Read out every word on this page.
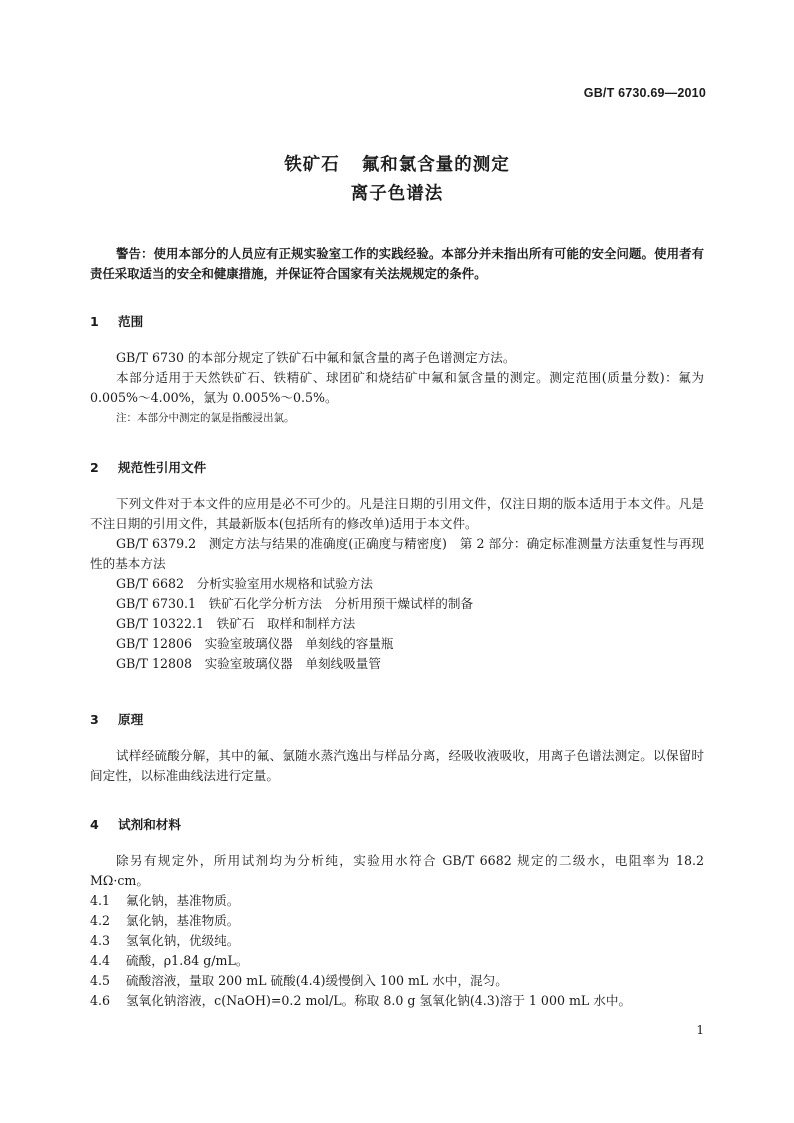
GB/T 6730.69—2010
铁矿石 氟和氯含量的测定
离子色谱法
警告：使用本部分的人员应有正规实验室工作的实践经验。本部分并未指出所有可能的安全问题。使用者有责任采取适当的安全和健康措施，并保证符合国家有关法规规定的条件。
1 范围
GB/T 6730 的本部分规定了铁矿石中氟和氯含量的离子色谱测定方法。
本部分适用于天然铁矿石、铁精矿、球团矿和烧结矿中氟和氯含量的测定。测定范围(质量分数)：氟为 0.005%～4.00%，氯为 0.005%～0.5%。
注：本部分中测定的氯是指酸浸出氯。
2 规范性引用文件
下列文件对于本文件的应用是必不可少的。凡是注日期的引用文件，仅注日期的版本适用于本文件。凡是不注日期的引用文件，其最新版本(包括所有的修改单)适用于本文件。
GB/T 6379.2　测定方法与结果的准确度(正确度与精密度)　第 2 部分：确定标准测量方法重复性与再现性的基本方法
GB/T 6682　分析实验室用水规格和试验方法
GB/T 6730.1　铁矿石化学分析方法　分析用预干燥试样的制备
GB/T 10322.1　铁矿石　取样和制样方法
GB/T 12806　实验室玻璃仪器　单刻线的容量瓶
GB/T 12808　实验室玻璃仪器　单刻线吸量管
3 原理
试样经硫酸分解，其中的氟、氯随水蒸汽逸出与样品分离，经吸收液吸收，用离子色谱法测定。以保留时间定性，以标准曲线法进行定量。
4 试剂和材料
除另有规定外，所用试剂均为分析纯，实验用水符合 GB/T 6682 规定的二级水，电阻率为 18.2 MΩ·cm。
4.1 氟化钠，基准物质。
4.2 氯化钠，基准物质。
4.3 氢氧化钠，优级纯。
4.4 硫酸，ρ1.84 g/mL。
4.5 硫酸溶液，量取 200 mL 硫酸(4.4)缓慢倒入 100 mL 水中，混匀。
4.6 氢氧化钠溶液，c(NaOH)=0.2 mol/L。称取 8.0 g 氢氧化钠(4.3)溶于 1 000 mL 水中。
1
